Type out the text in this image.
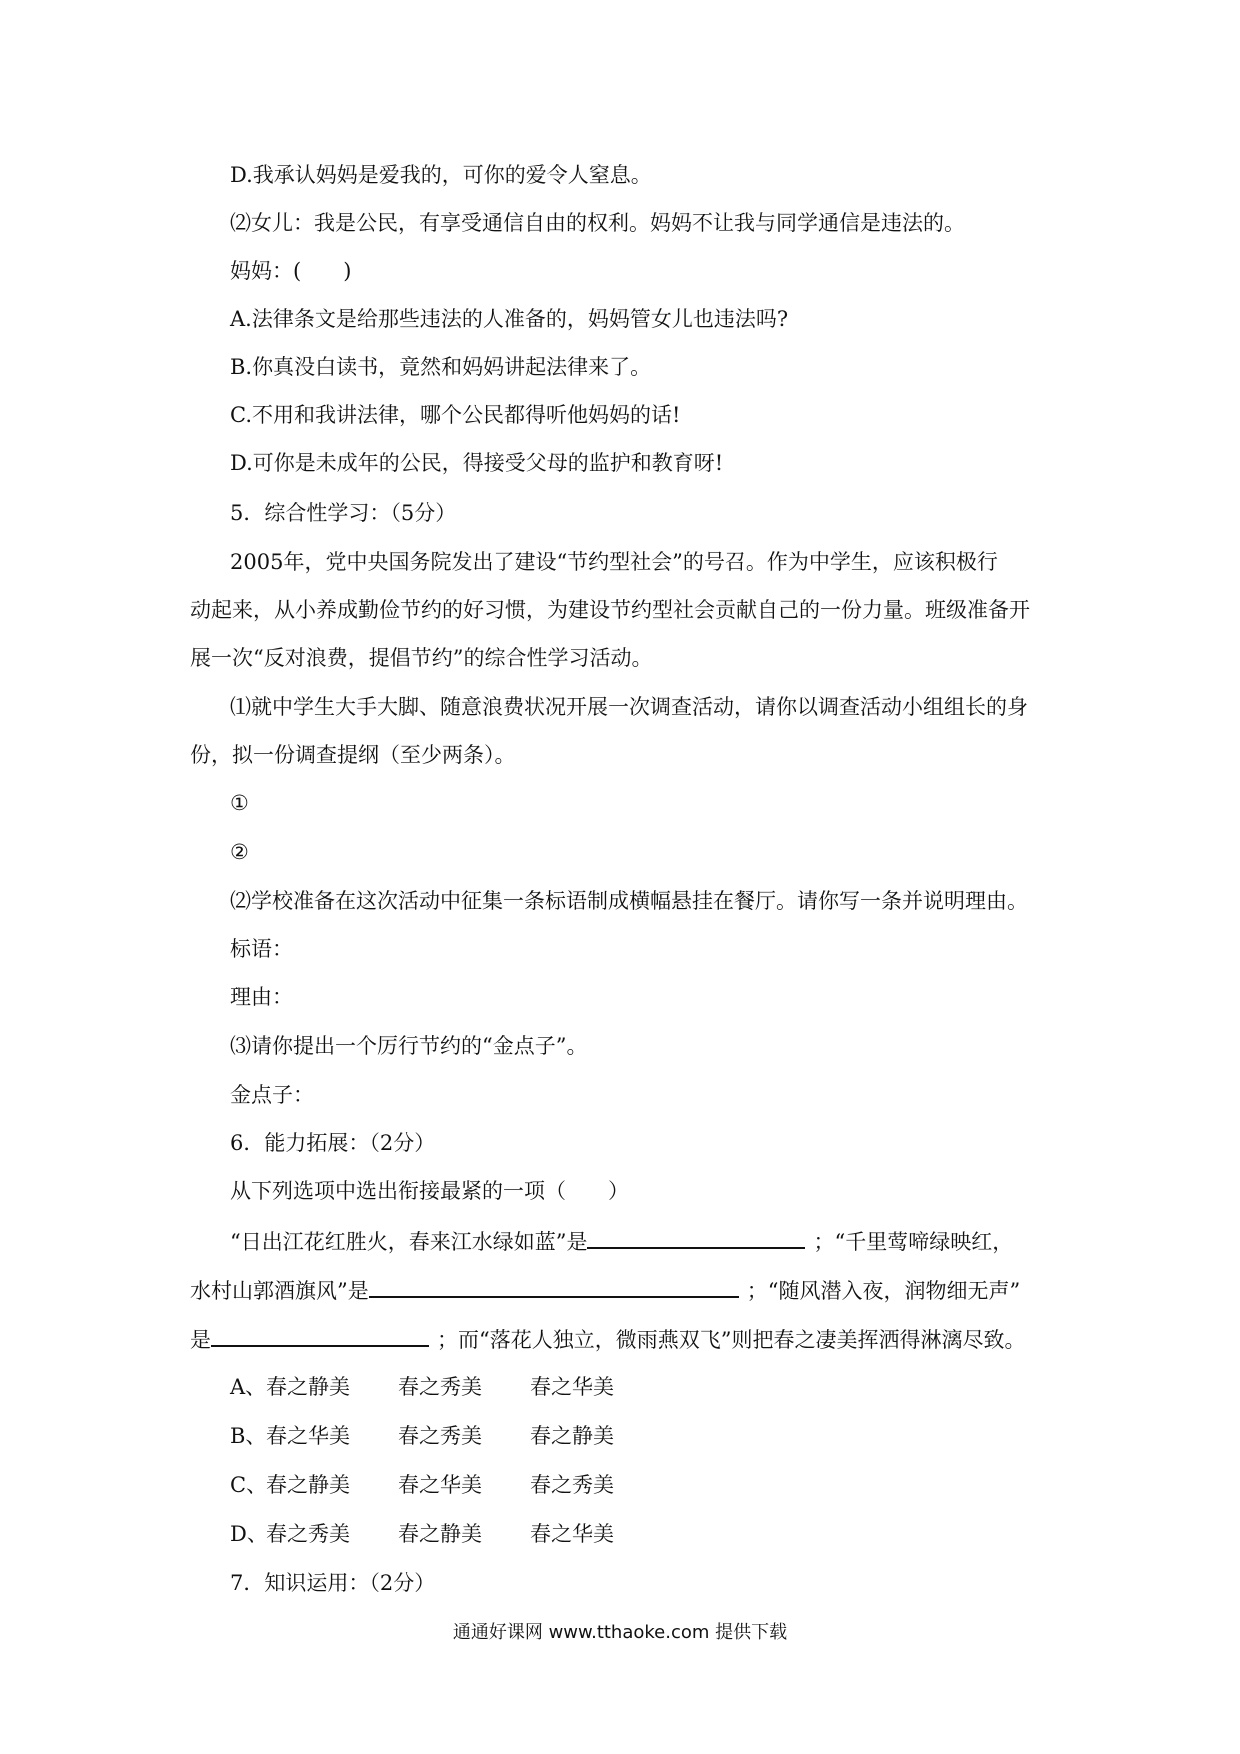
D.我承认妈妈是爱我的，可你的爱令人窒息。
⑵女儿：我是公民，有享受通信自由的权利。妈妈不让我与同学通信是违法的。
妈妈：(　　)
A.法律条文是给那些违法的人准备的，妈妈管女儿也违法吗?
B.你真没白读书，竟然和妈妈讲起法律来了。
C.不用和我讲法律，哪个公民都得听他妈妈的话!
D.可你是未成年的公民，得接受父母的监护和教育呀!
5．综合性学习：（5分）
2005年，党中央国务院发出了建设“节约型社会”的号召。作为中学生，应该积极行
动起来，从小养成勤俭节约的好习惯，为建设节约型社会贡献自己的一份力量。班级准备开
展一次“反对浪费，提倡节约”的综合性学习活动。
⑴就中学生大手大脚、随意浪费状况开展一次调查活动，请你以调查活动小组组长的身
份，拟一份调查提纲（至少两条）。
①
②
⑵学校准备在这次活动中征集一条标语制成横幅悬挂在餐厅。请你写一条并说明理由。
标语：
理由：
⑶请你提出一个厉行节约的“金点子”。
金点子：
6．能力拓展：（2分）
从下列选项中选出衔接最紧的一项（　　）
“日出江花红胜火，春来江水绿如蓝”是	；“千里莺啼绿映红，
水村山郭酒旗风”是	；“随风潜入夜，润物细无声”
是	；而“落花人独立，微雨燕双飞”则把春之凄美挥洒得淋漓尽致。
A、春之静美 春之秀美 春之华美
B、春之华美 春之秀美 春之静美
C、春之静美 春之华美 春之秀美
D、春之秀美 春之静美 春之华美
7．知识运用：（2分）
通通好课网 www.tthaoke.com 提供下载
